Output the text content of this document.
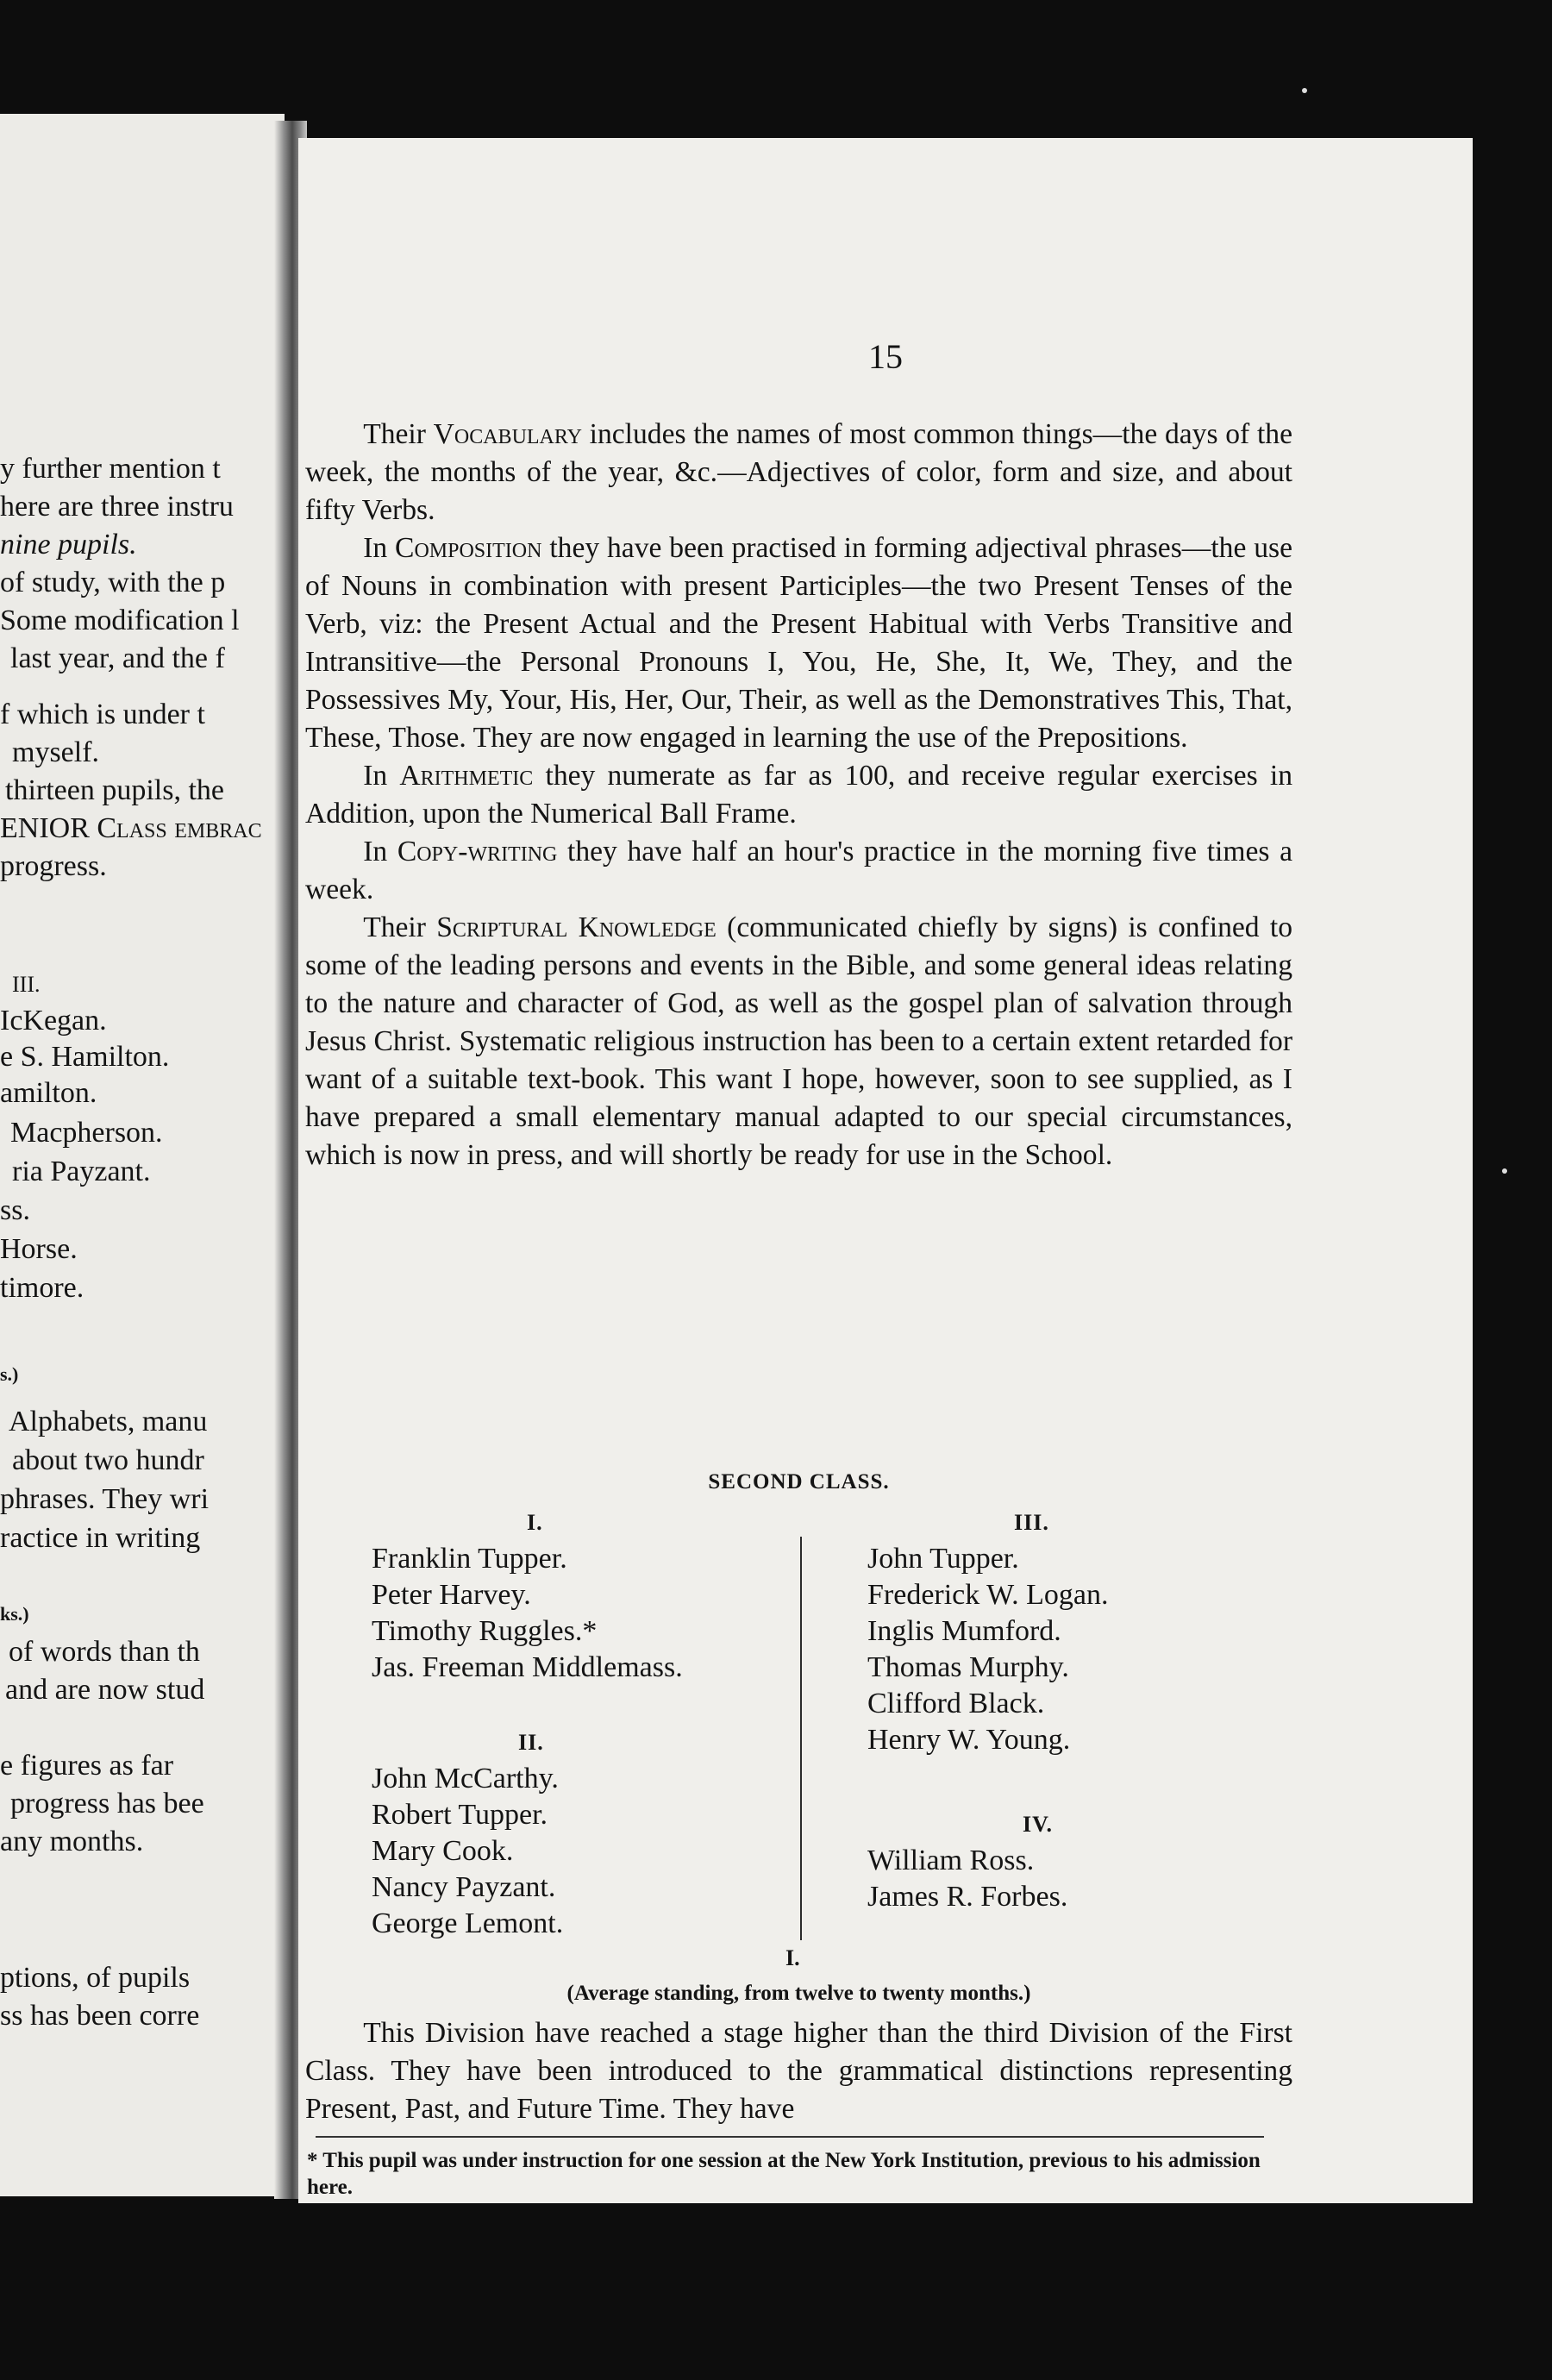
y further mention t
here are three instru
nine pupils.
of study, with the p
Some modification l
last year, and the f
f which is under t
myself.
thirteen pupils, the
ENIOR Class embrac
progress.
III.
IcKegan.
e S. Hamilton.
amilton.
Macpherson.
ria Payzant.
ss.
Horse.
timore.
s.)
Alphabets, manu
about two hundr
phrases. They wri
ractice in writing
ks.)
of words than th
and are now stud
e figures as far
progress has bee
any months.
ptions, of pupils
ss has been corre
15

Their Vocabulary includes the names of most common things—the days of the week, the months of the year, &c.—Adjectives of color, form and size, and about fifty Verbs.

In Composition they have been practised in forming adjectival phrases—the use of Nouns in combination with present Participles—the two Present Tenses of the Verb, viz: the Present Actual and the Present Habitual with Verbs Transitive and Intransitive—the Personal Pronouns I, You, He, She, It, We, They, and the Possessives My, Your, His, Her, Our, Their, as well as the Demonstratives This, That, These, Those. They are now engaged in learning the use of the Prepositions.

In Arithmetic they numerate as far as 100, and receive regular exercises in Addition, upon the Numerical Ball Frame.

In Copy-writing they have half an hour's practice in the morning five times a week.

Their Scriptural Knowledge (communicated chiefly by signs) is confined to some of the leading persons and events in the Bible, and some general ideas relating to the nature and character of God, as well as the gospel plan of salvation through Jesus Christ. Systematic religious instruction has been to a certain extent retarded for want of a suitable text-book. This want I hope, however, soon to see supplied, as I have prepared a small elementary manual adapted to our special circumstances, which is now in press, and will shortly be ready for use in the School.

SECOND CLASS.
I.
Franklin Tupper.
Peter Harvey.
Timothy Ruggles.*
Jas. Freeman Middlemass.
II.
John McCarthy.
Robert Tupper.
Mary Cook.
Nancy Payzant.
George Lemont.
III.
John Tupper.
Frederick W. Logan.
Inglis Mumford.
Thomas Murphy.
Clifford Black.
Henry W. Young.
IV.
William Ross.
James R. Forbes.
I.
(Average standing, from twelve to twenty months.)

This Division have reached a stage higher than the third Division of the First Class. They have been introduced to the grammatical distinctions representing Present, Past, and Future Time. They have

* This pupil was under instruction for one session at the New York Institution, previous to his admission here.
